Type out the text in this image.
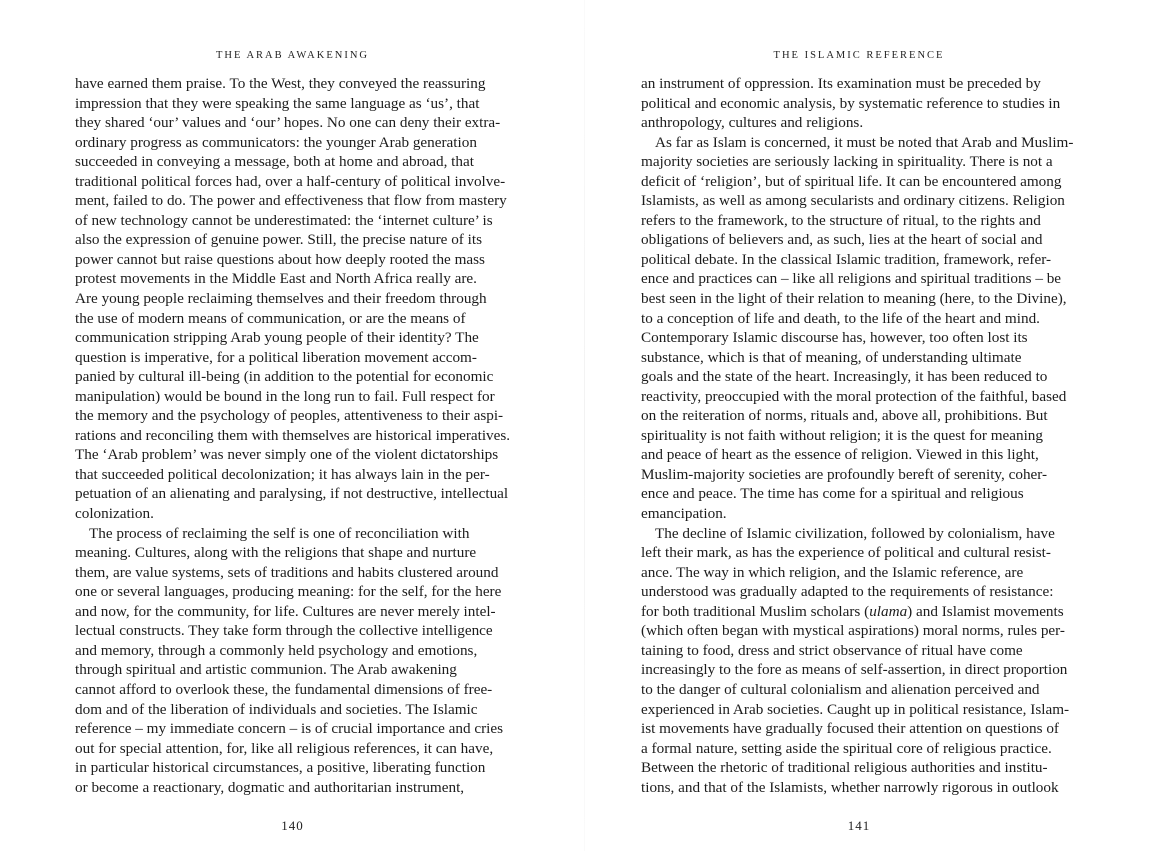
THE ARAB AWAKENING
have earned them praise. To the West, they conveyed the reassuring
impression that they were speaking the same language as ‘us’, that
they shared ‘our’ values and ‘our’ hopes. No one can deny their extra-
ordinary progress as communicators: the younger Arab generation
succeeded in conveying a message, both at home and abroad, that
traditional political forces had, over a half-century of political involve-
ment, failed to do. The power and effectiveness that flow from mastery
of new technology cannot be underestimated: the ‘internet culture’ is
also the expression of genuine power. Still, the precise nature of its
power cannot but raise questions about how deeply rooted the mass
protest movements in the Middle East and North Africa really are.
Are young people reclaiming themselves and their freedom through
the use of modern means of communication, or are the means of
communication stripping Arab young people of their identity? The
question is imperative, for a political liberation movement accom-
panied by cultural ill-being (in addition to the potential for economic
manipulation) would be bound in the long run to fail. Full respect for
the memory and the psychology of peoples, attentiveness to their aspi-
rations and reconciling them with themselves are historical imperatives.
The ‘Arab problem’ was never simply one of the violent dictatorships
that succeeded political decolonization; it has always lain in the per-
petuation of an alienating and paralysing, if not destructive, intellectual
colonization.
The process of reclaiming the self is one of reconciliation with
meaning. Cultures, along with the religions that shape and nurture
them, are value systems, sets of traditions and habits clustered around
one or several languages, producing meaning: for the self, for the here
and now, for the community, for life. Cultures are never merely intel-
lectual constructs. They take form through the collective intelligence
and memory, through a commonly held psychology and emotions,
through spiritual and artistic communion. The Arab awakening
cannot afford to overlook these, the fundamental dimensions of free-
dom and of the liberation of individuals and societies. The Islamic
reference – my immediate concern – is of crucial importance and cries
out for special attention, for, like all religious references, it can have,
in particular historical circumstances, a positive, liberating function
or become a reactionary, dogmatic and authoritarian instrument,
140
THE ISLAMIC REFERENCE
an instrument of oppression. Its examination must be preceded by
political and economic analysis, by systematic reference to studies in
anthropology, cultures and religions.
As far as Islam is concerned, it must be noted that Arab and Muslim-
majority societies are seriously lacking in spirituality. There is not a
deficit of ‘religion’, but of spiritual life. It can be encountered among
Islamists, as well as among secularists and ordinary citizens. Religion
refers to the framework, to the structure of ritual, to the rights and
obligations of believers and, as such, lies at the heart of social and
political debate. In the classical Islamic tradition, framework, refer-
ence and practices can – like all religions and spiritual traditions – be
best seen in the light of their relation to meaning (here, to the Divine),
to a conception of life and death, to the life of the heart and mind.
Contemporary Islamic discourse has, however, too often lost its
substance, which is that of meaning, of understanding ultimate
goals and the state of the heart. Increasingly, it has been reduced to
reactivity, preoccupied with the moral protection of the faithful, based
on the reiteration of norms, rituals and, above all, prohibitions. But
spirituality is not faith without religion; it is the quest for meaning
and peace of heart as the essence of religion. Viewed in this light,
Muslim-majority societies are profoundly bereft of serenity, coher-
ence and peace. The time has come for a spiritual and religious
emancipation.
The decline of Islamic civilization, followed by colonialism, have
left their mark, as has the experience of political and cultural resist-
ance. The way in which religion, and the Islamic reference, are
understood was gradually adapted to the requirements of resistance:
for both traditional Muslim scholars (ulama) and Islamist movements
(which often began with mystical aspirations) moral norms, rules per-
taining to food, dress and strict observance of ritual have come
increasingly to the fore as means of self-assertion, in direct proportion
to the danger of cultural colonialism and alienation perceived and
experienced in Arab societies. Caught up in political resistance, Islam-
ist movements have gradually focused their attention on questions of
a formal nature, setting aside the spiritual core of religious practice.
Between the rhetoric of traditional religious authorities and institu-
tions, and that of the Islamists, whether narrowly rigorous in outlook
141
